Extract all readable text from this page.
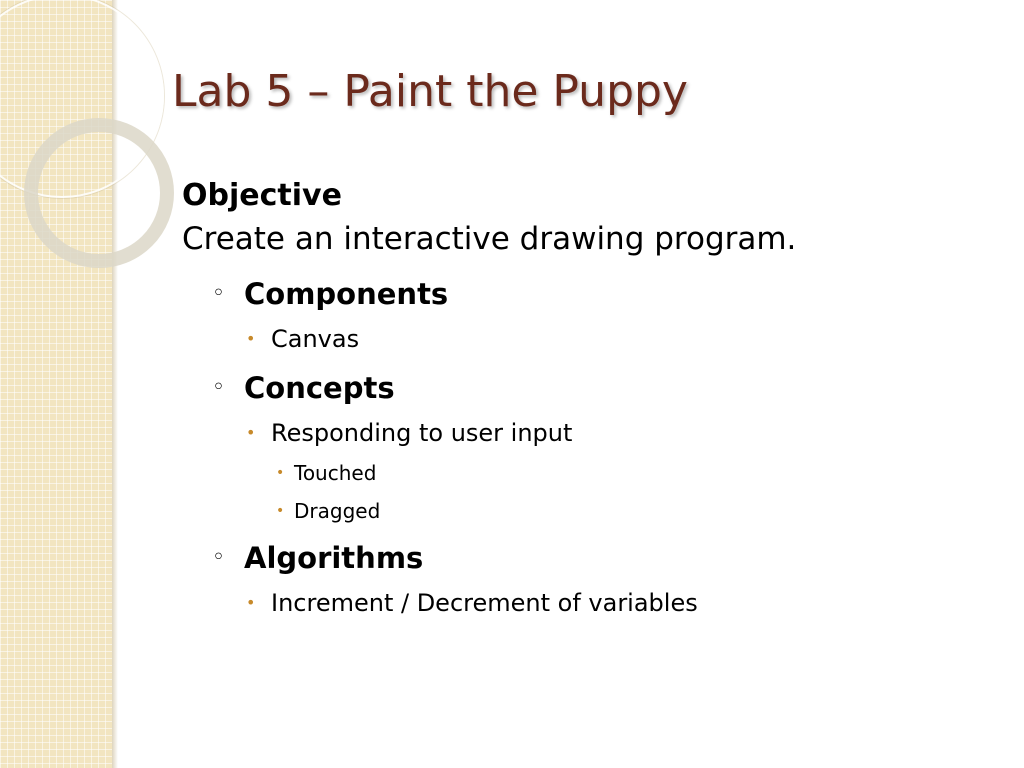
Lab 5 – Paint the Puppy

Objective

Create an interactive drawing program.

◦ Components
• Canvas
◦ Concepts
• Responding to user input
• Touched
• Dragged
◦ Algorithms
• Increment / Decrement of variables
